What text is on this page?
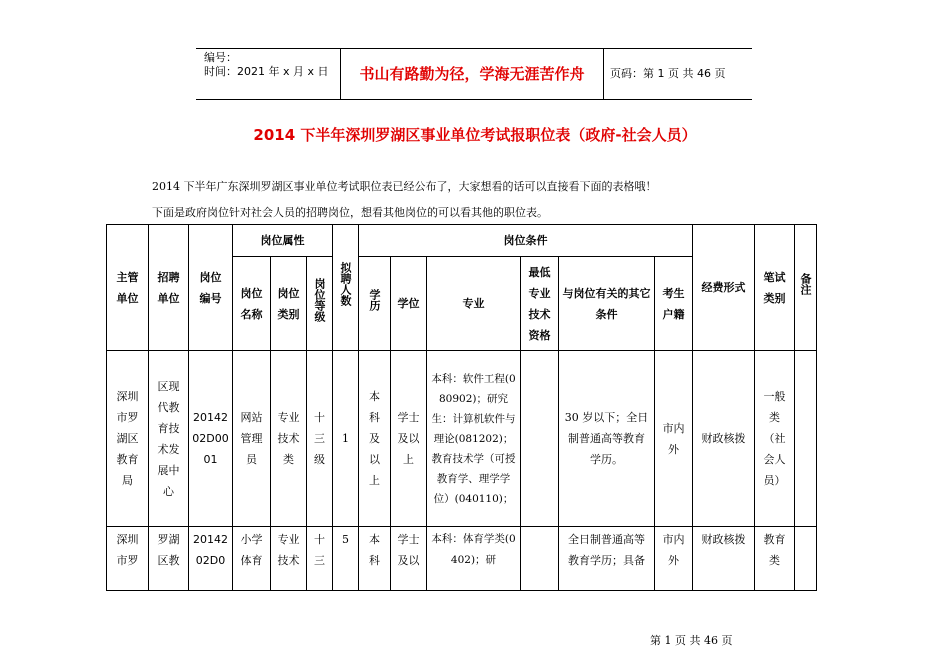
编号：
时间：2021 年 x 月 x 日	书山有路勤为径，学海无涯苦作舟	页码：第 1 页 共 46 页
2014 下半年深圳罗湖区事业单位考试报职位表（政府-社会人员）
2014 下半年广东深圳罗湖区事业单位考试职位表已经公布了，大家想看的话可以直接看下面的表格哦！
下面是政府岗位针对社会人员的招聘岗位，想看其他岗位的可以看其他的职位表。
主管单位	招聘单位	岗位编号	岗位属性			拟聘人数	岗位条件						经费形式	笔试类别	备注
			岗位名称	岗位类别	岗位等级		学历	学位	专业	最低专业技术资格	与岗位有关的其它条件	考生户籍			
深圳市罗湖区教育局	区现代教育技术发展中心	2014202D0001	网站管理员	专业技术类	十三级	1	本科及以上	学士及以上	本科：软件工程(080902)；研究生：计算机软件与理论(081202)；教育技术学（可授教育学、理学学位）(040110)；		30 岁以下；全日制普通高等教育学历。	市内外	财政核拨	一般类（社会人员）	
深圳市罗	罗湖区教	2014202D0	小学体育	专业技术	十三	5	本科	学士及以	本科：体育学类(0402)；研		全日制普通高等教育学历；具备	市内外	财政核拨	教育类	
第 1 页 共 46 页
